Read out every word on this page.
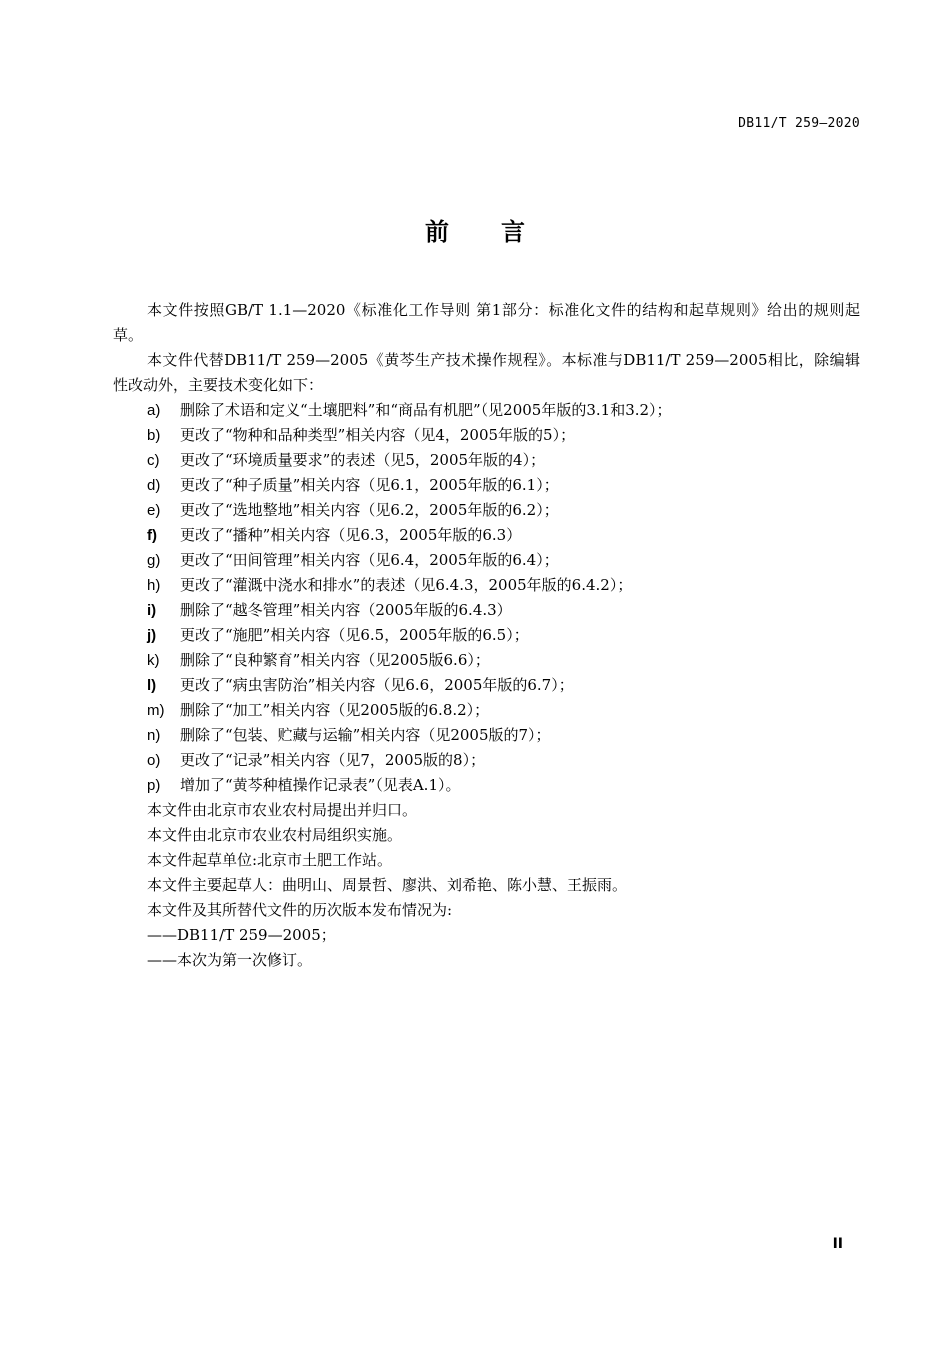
DB11/T 259—2020
前言

本文件按照GB/T 1.1—2020《标准化工作导则 第1部分：标准化文件的结构和起草规则》给出的规则起草。

本文件代替DB11/T 259—2005《黄芩生产技术操作规程》。本标准与DB11/T 259—2005相比，除编辑性改动外，主要技术变化如下：

a)	删除了术语和定义“土壤肥料”和“商品有机肥”（见2005年版的3.1和3.2）；
b)	更改了“物种和品种类型”相关内容（见4，2005年版的5）；
c)	更改了“环境质量要求”的表述（见5，2005年版的4）；
d)	更改了“种子质量”相关内容（见6.1，2005年版的6.1）；
e)	更改了“选地整地”相关内容（见6.2，2005年版的6.2）；
f)	更改了“播种”相关内容（见6.3，2005年版的6.3）
g)	更改了“田间管理”相关内容（见6.4，2005年版的6.4）；
h)	更改了“灌溉中浇水和排水”的表述（见6.4.3，2005年版的6.4.2）；
i)	删除了“越冬管理”相关内容（2005年版的6.4.3）
j)	更改了“施肥”相关内容（见6.5，2005年版的6.5）；
k)	删除了“良种繁育”相关内容（见2005版6.6）；
l)	更改了“病虫害防治”相关内容（见6.6，2005年版的6.7）；
m)	删除了“加工”相关内容（见2005版的6.8.2）；
n)	删除了“包装、贮藏与运输”相关内容（见2005版的7）；
o)	更改了“记录”相关内容（见7，2005版的8）；
p)	增加了“黄芩种植操作记录表”（见表A.1）。

本文件由北京市农业农村局提出并归口。

本文件由北京市农业农村局组织实施。

本文件起草单位:北京市土肥工作站。

本文件主要起草人：曲明山、周景哲、廖洪、刘希艳、陈小慧、王振雨。

本文件及其所替代文件的历次版本发布情况为:

——DB11/T 259—2005；

——本次为第一次修订。

II
